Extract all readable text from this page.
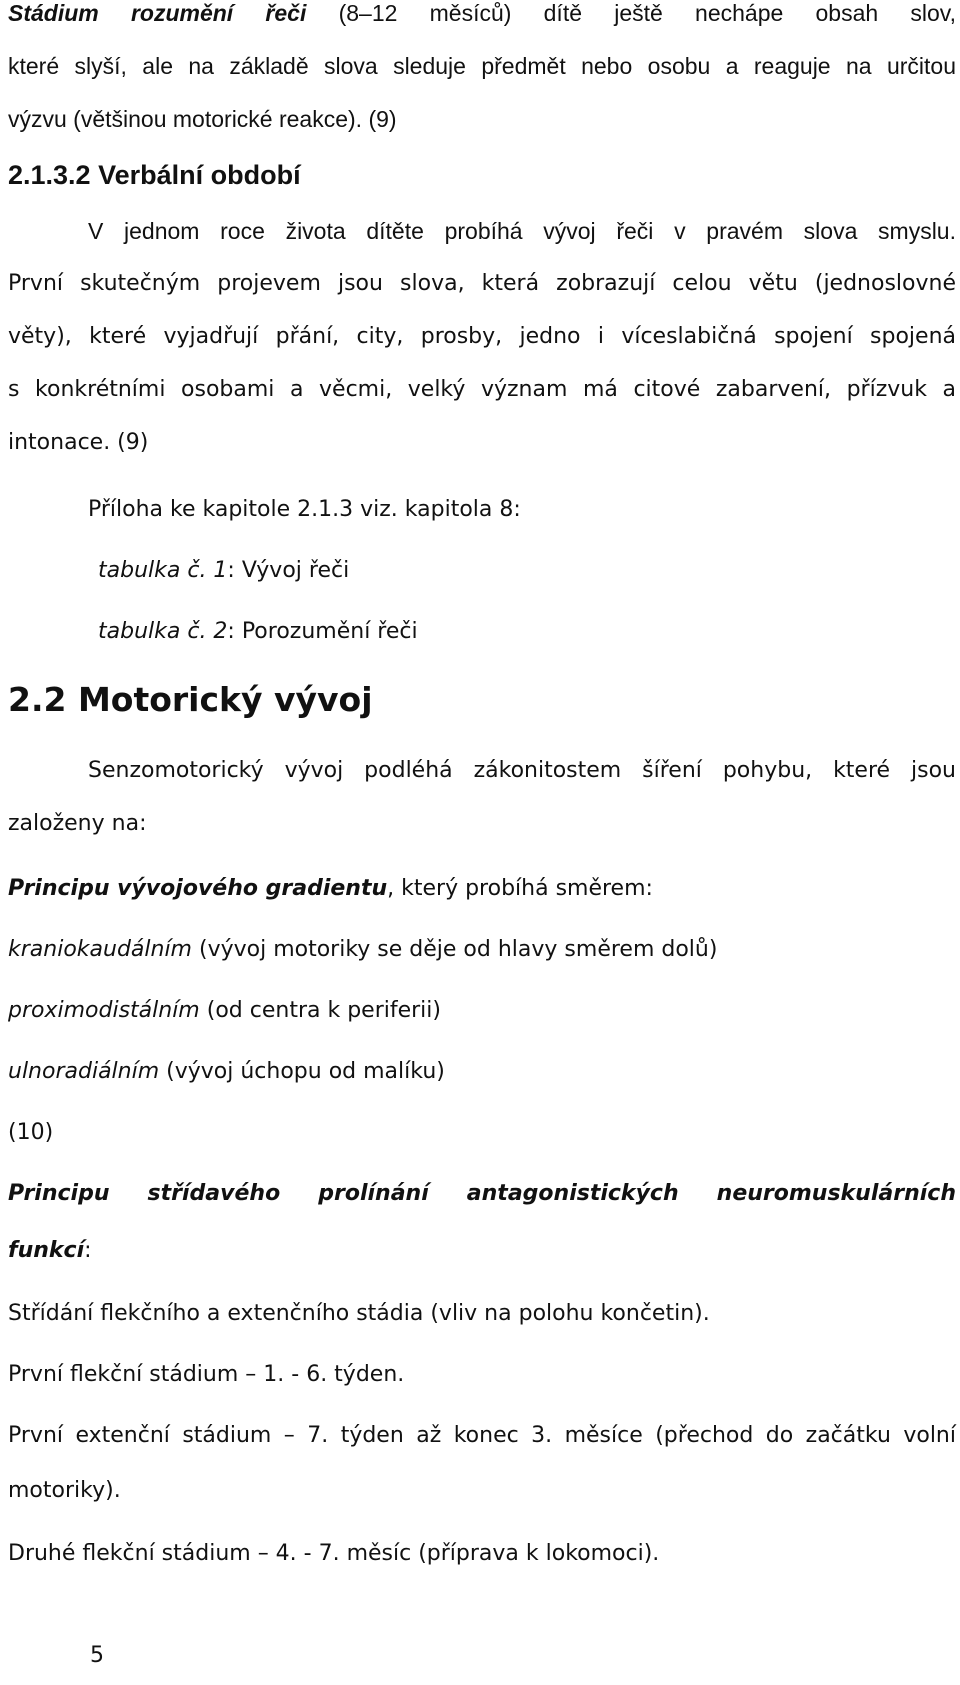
Stádium rozumění řeči (8–12 měsíců) dítě ještě nechápe obsah slov,

které slyší, ale na základě slova sleduje předmět nebo osobu a reaguje na určitou

výzvu (většinou motorické reakce). (9)

2.1.3.2 Verbální období

V jednom roce života dítěte probíhá vývoj řeči v pravém slova smyslu.

První skutečným projevem jsou slova, která zobrazují celou větu (jednoslovné

věty), které vyjadřují přání, city, prosby, jedno i víceslabičná spojení spojená

s konkrétními osobami a věcmi, velký význam má citové zabarvení, přízvuk a

intonace. (9)

Příloha ke kapitole 2.1.3 viz. kapitola 8:

tabulka č. 1: Vývoj řeči

tabulka č. 2: Porozumění řeči

2.2 Motorický vývoj

Senzomotorický vývoj podléhá zákonitostem šíření pohybu, které jsou

založeny na:

Principu vývojového gradientu, který probíhá směrem:

kraniokaudálním (vývoj motoriky se děje od hlavy směrem dolů)

proximodistálním (od centra k periferii)

ulnoradiálním (vývoj úchopu od malíku)

(10)

Principu střídavého prolínání antagonistických neuromuskulárních

funkcí:

Střídání flekčního a extenčního stádia (vliv na polohu končetin).

První flekční stádium – 1. - 6. týden.

První extenční stádium – 7. týden až konec 3. měsíce (přechod do začátku volní

motoriky).

Druhé flekční stádium – 4. - 7. měsíc (příprava k lokomoci).

5
